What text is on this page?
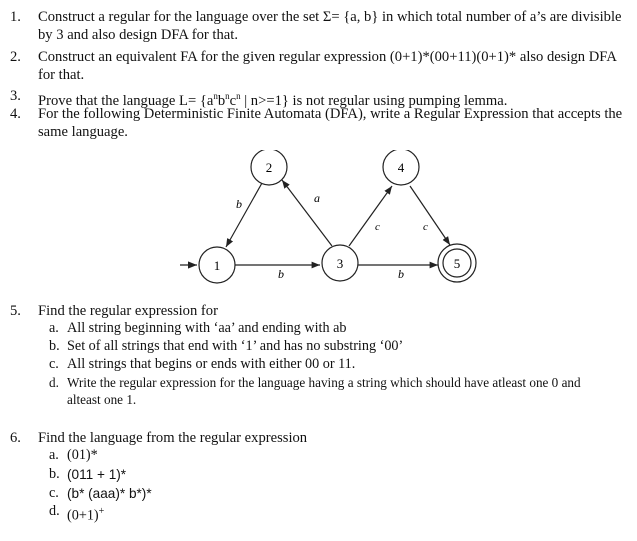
1.	Construct a regular for the language over the set Σ= {a, b} in which total number of a’s are divisible by 3 and also design DFA for that.
2.	Construct an equivalent FA for the given regular expression (0+1)*(00+11)(0+1)* also design DFA for that.
3.	Prove that the language $L= \{a^nb^nc^n$ | n>=1} is not regular using pumping lemma.
4.	For the following Deterministic Finite Automata (DFA), write a Regular Expression that accepts the same language.
1
2
3
4
5
b	a
b
c	c
b
5.	Find the regular expression for
a. All string beginning with ‘aa’ and ending with ab
b. Set of all strings that end with ‘1’ and has no substring ‘00’
c. All strings that begins or ends with either 00 or 11.
d. Write the regular expression for the language having a string which should have atleast one 0 and alteast one 1.
6.	Find the language from the regular expression
a. (01)*
b. (011 + 1)*
c. (b* (aaa)* b*)*
d. (0+1)+
